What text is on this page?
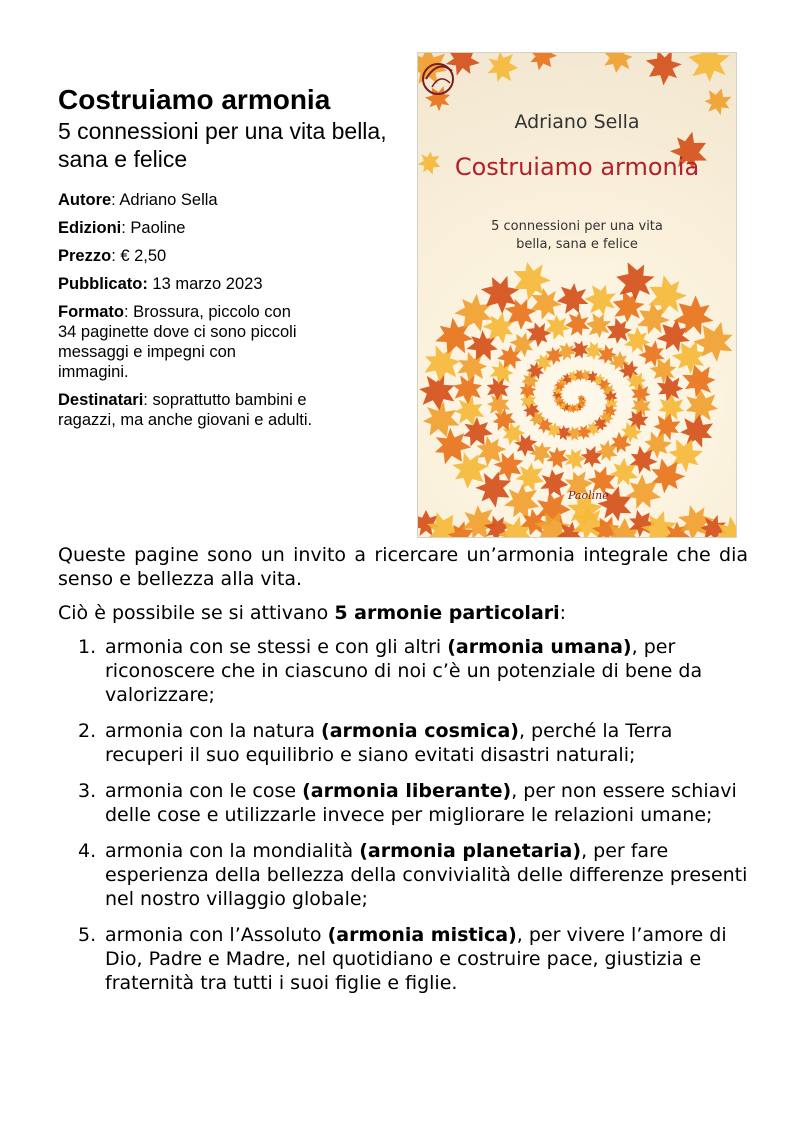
Costruiamo armonia
5 connessioni per una vita bella, sana e felice
Autore: Adriano Sella
Edizioni: Paoline
Prezzo: € 2,50
Pubblicato: 13 marzo 2023
Formato: Brossura, piccolo con 34 paginette dove ci sono piccoli messaggi e impegni con immagini.
Destinatari: soprattutto bambini e ragazzi, ma anche giovani e adulti.
Adriano Sella
Costruiamo armonia
5 connessioni per una vita bella, sana e felice
Paoline

Queste pagine sono un invito a ricercare un’armonia integrale che dia senso e bellezza alla vita.

Ciò è possibile se si attivano 5 armonie particolari:

1. armonia con se stessi e con gli altri (armonia umana), per riconoscere che in ciascuno di noi c’è un potenziale di bene da valorizzare;
2. armonia con la natura (armonia cosmica), perché la Terra recuperi il suo equilibrio e siano evitati disastri naturali;
3. armonia con le cose (armonia liberante), per non essere schiavi delle cose e utilizzarle invece per migliorare le relazioni umane;
4. armonia con la mondialità (armonia planetaria), per fare esperienza della bellezza della convivialità delle differenze presenti nel nostro villaggio globale;
5. armonia con l’Assoluto (armonia mistica), per vivere l’amore di Dio, Padre e Madre, nel quotidiano e costruire pace, giustizia e fraternità tra tutti i suoi figlie e figlie.
